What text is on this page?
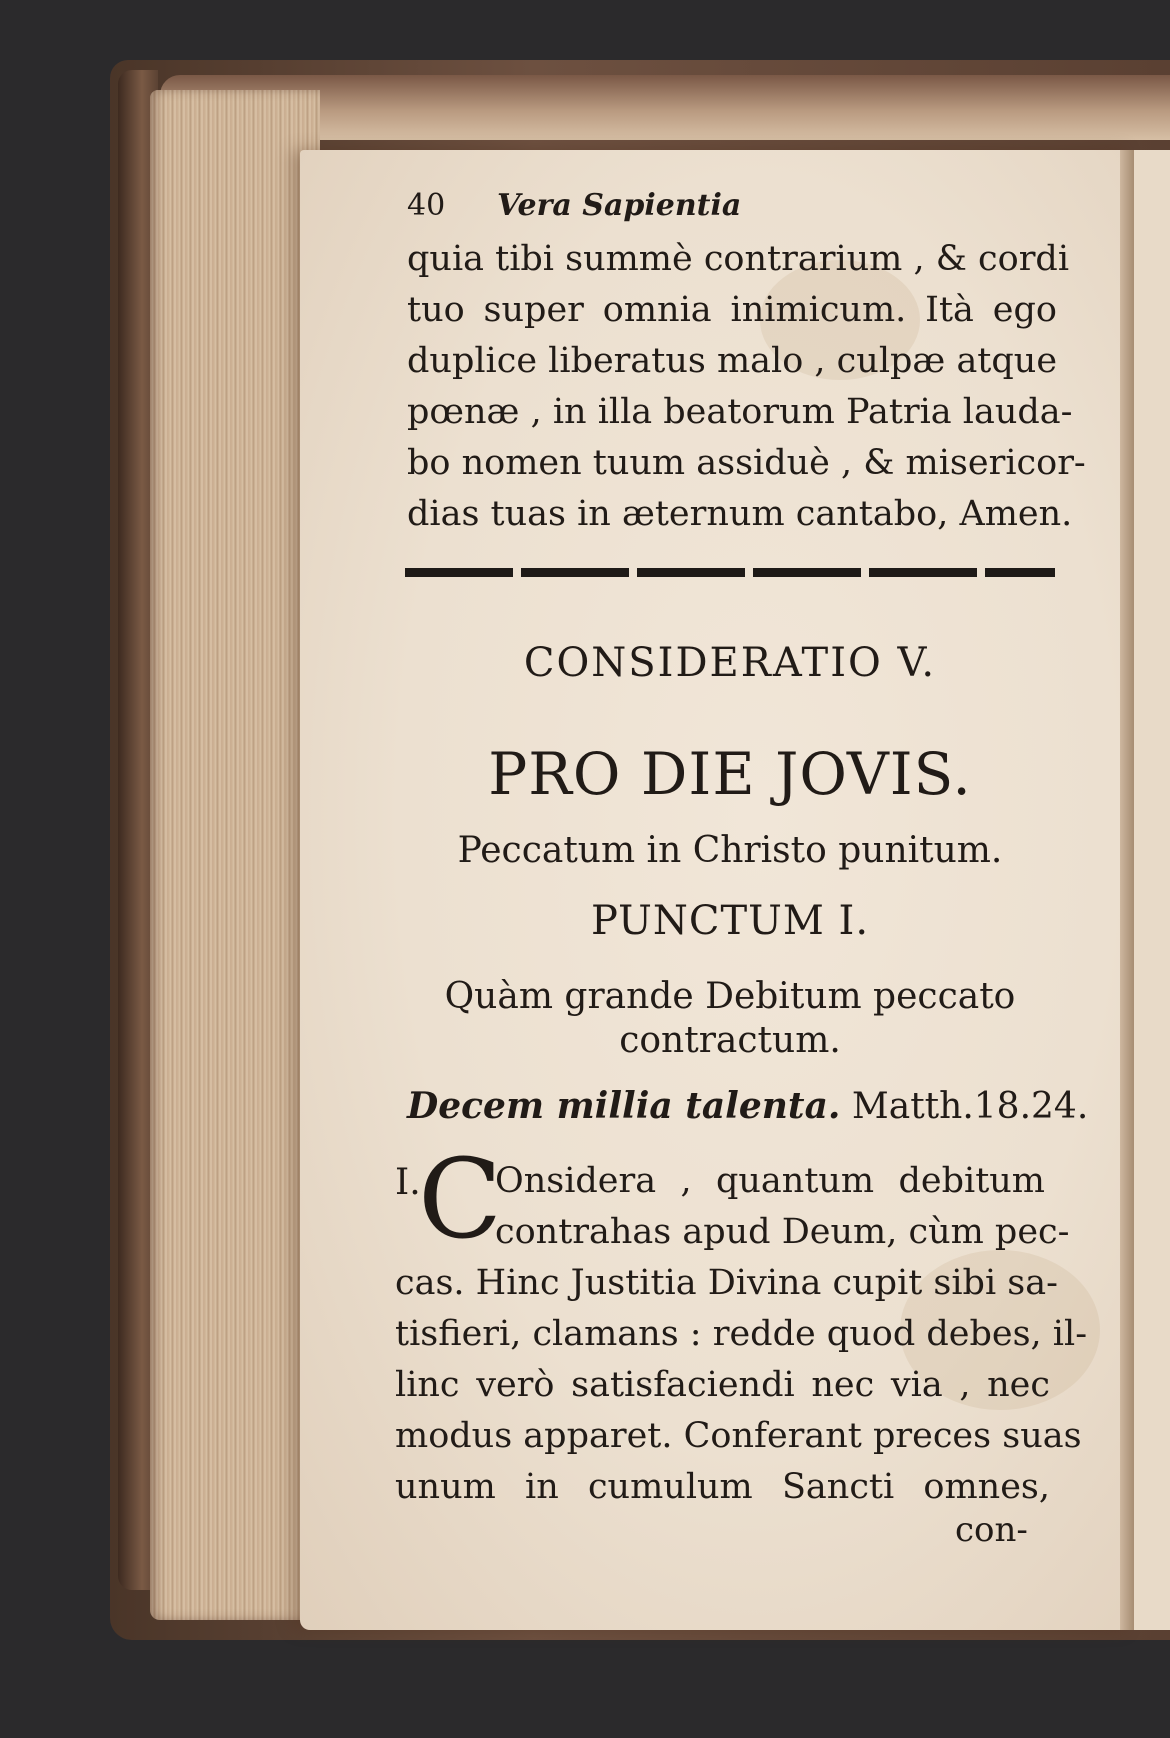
40 Vera Sapientia
quia tibi summè contrarium , & cordi
tuo super omnia inimicum. Ità ego
duplice liberatus malo , culpæ atque
pœnæ , in illa beatorum Patria lauda-
bo nomen tuum assiduè , & misericor-
dias tuas in æternum cantabo, Amen.
CONSIDERATIO V.
PRO DIE JOVIS.
Peccatum in Christo punitum.
PUNCTUM I.
Quàm grande Debitum peccato
contractum.
Decem millia talenta. Matth.18.24.
I.
C
Onsidera , quantum debitum
contrahas apud Deum, cùm pec-
cas. Hinc Justitia Divina cupit sibi sa-
tisfieri, clamans : redde quod debes, il-
linc verò satisfaciendi nec via , nec
modus apparet. Conferant preces suas
unum in cumulum Sancti omnes,
con-
